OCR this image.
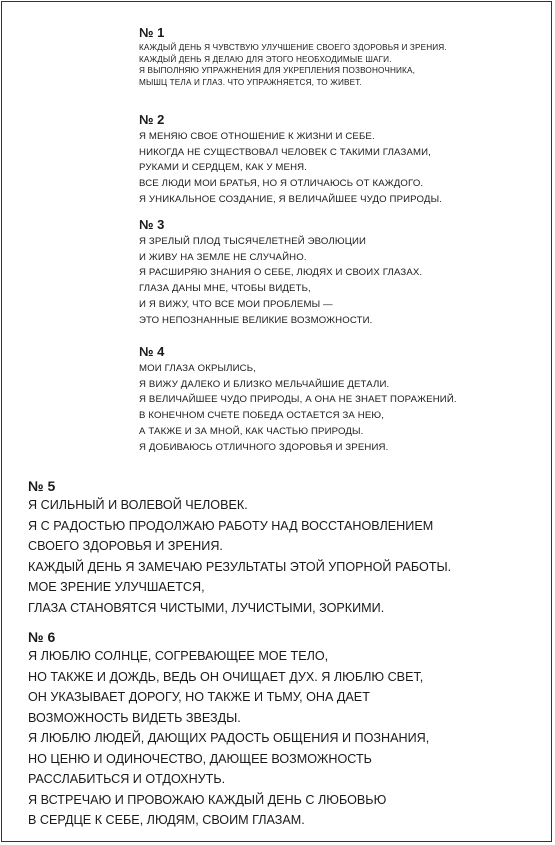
№ 1
КАЖДЫЙ ДЕНЬ Я ЧУВСТВУЮ УЛУЧШЕНИЕ СВОЕГО ЗДОРОВЬЯ И ЗРЕНИЯ.
КАЖДЫЙ ДЕНЬ Я ДЕЛАЮ ДЛЯ ЭТОГО НЕОБХОДИМЫЕ ШАГИ.
Я ВЫПОЛНЯЮ УПРАЖНЕНИЯ ДЛЯ УКРЕПЛЕНИЯ ПОЗВОНОЧНИКА,
МЫШЦ ТЕЛА И ГЛАЗ. ЧТО УПРАЖНЯЕТСЯ, ТО ЖИВЕТ.
№ 2
Я МЕНЯЮ СВОЕ ОТНОШЕНИЕ К ЖИЗНИ И СЕБЕ.
НИКОГДА НЕ СУЩЕСТВОВАЛ ЧЕЛОВЕК С ТАКИМИ ГЛАЗАМИ,
РУКАМИ И СЕРДЦЕМ, КАК У МЕНЯ.
ВСЕ ЛЮДИ МОИ БРАТЬЯ, НО Я ОТЛИЧАЮСЬ ОТ КАЖДОГО.
Я УНИКАЛЬНОЕ СОЗДАНИЕ, Я ВЕЛИЧАЙШЕЕ ЧУДО ПРИРОДЫ.
№ 3
Я ЗРЕЛЫЙ ПЛОД ТЫСЯЧЕЛЕТНЕЙ ЭВОЛЮЦИИ
И ЖИВУ НА ЗЕМЛЕ НЕ СЛУЧАЙНО.
Я РАСШИРЯЮ ЗНАНИЯ О СЕБЕ, ЛЮДЯХ И СВОИХ ГЛАЗАХ.
ГЛАЗА ДАНЫ МНЕ, ЧТОБЫ ВИДЕТЬ,
И Я ВИЖУ, ЧТО ВСЕ МОИ ПРОБЛЕМЫ —
ЭТО НЕПОЗНАННЫЕ ВЕЛИКИЕ ВОЗМОЖНОСТИ.
№ 4
МОИ ГЛАЗА ОКРЫЛИСЬ,
Я ВИЖУ ДАЛЕКО И БЛИЗКО МЕЛЬЧАЙШИЕ ДЕТАЛИ.
Я ВЕЛИЧАЙШЕЕ ЧУДО ПРИРОДЫ, А ОНА НЕ ЗНАЕТ ПОРАЖЕНИЙ.
В КОНЕЧНОМ СЧЕТЕ ПОБЕДА ОСТАЕТСЯ ЗА НЕЮ,
А ТАКЖЕ И ЗА МНОЙ, КАК ЧАСТЬЮ ПРИРОДЫ.
Я ДОБИВАЮСЬ ОТЛИЧНОГО ЗДОРОВЬЯ И ЗРЕНИЯ.
№ 5
Я СИЛЬНЫЙ И ВОЛЕВОЙ ЧЕЛОВЕК.
Я С РАДОСТЬЮ ПРОДОЛЖАЮ РАБОТУ НАД ВОССТАНОВЛЕНИЕМ
СВОЕГО ЗДОРОВЬЯ И ЗРЕНИЯ.
КАЖДЫЙ ДЕНЬ Я ЗАМЕЧАЮ РЕЗУЛЬТАТЫ ЭТОЙ УПОРНОЙ РАБОТЫ.
МОЕ ЗРЕНИЕ УЛУЧШАЕТСЯ,
ГЛАЗА СТАНОВЯТСЯ ЧИСТЫМИ, ЛУЧИСТЫМИ, ЗОРКИМИ.
№ 6
Я ЛЮБЛЮ СОЛНЦЕ, СОГРЕВАЮЩЕЕ МОЕ ТЕЛО,
НО ТАКЖЕ И ДОЖДЬ, ВЕДЬ ОН ОЧИЩАЕТ ДУХ. Я ЛЮБЛЮ СВЕТ,
ОН УКАЗЫВАЕТ ДОРОГУ, НО ТАКЖЕ И ТЬМУ, ОНА ДАЕТ
ВОЗМОЖНОСТЬ ВИДЕТЬ ЗВЕЗДЫ.
Я ЛЮБЛЮ ЛЮДЕЙ, ДАЮЩИХ РАДОСТЬ ОБЩЕНИЯ И ПОЗНАНИЯ,
НО ЦЕНЮ И ОДИНОЧЕСТВО, ДАЮЩЕЕ ВОЗМОЖНОСТЬ
РАССЛАБИТЬСЯ И ОТДОХНУТЬ.
Я ВСТРЕЧАЮ И ПРОВОЖАЮ КАЖДЫЙ ДЕНЬ С ЛЮБОВЬЮ
В СЕРДЦЕ К СЕБЕ, ЛЮДЯМ, СВОИМ ГЛАЗАМ.
